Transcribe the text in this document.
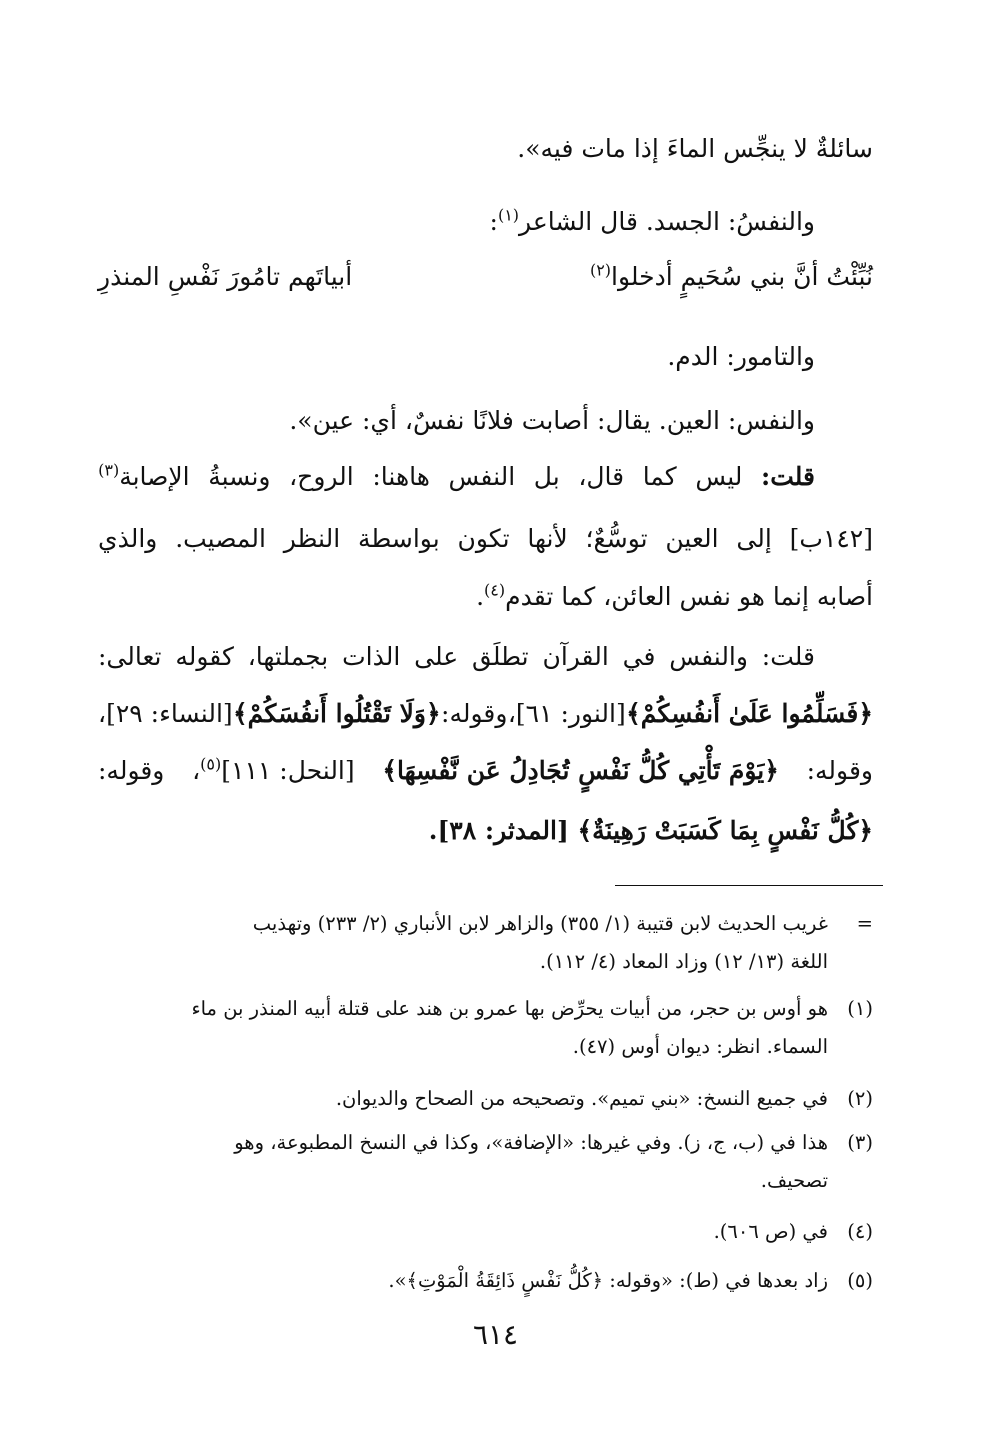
سائلةٌ لا ينجِّس الماءَ إذا مات فيه».
والنفسُ: الجسد. قال الشاعر$^{(١)}$:
والتامور: الدم.
والنفس: العين. يقال: أصابت فلانًا نفسٌ، أي: عين».
قلت:
ليس
كما
قال،
بل
النفس
هاهنا:
الروح،
ونسبةُ
الإصابة$^{(٣)}$
[١٤٢ب]
إلى
العين
توسُّعٌ؛
لأنها
تكون
بواسطة
النظر
المصيب.
والذي
أصابه إنما هو نفس العائن، كما تقدم$^{(٤)}$.
قلت:
والنفس
في
القرآن
تطلَق
على
الذات
بجملتها،
كقوله
تعالى:
﴿فَسَلِّمُوا عَلَىٰ أَنفُسِكُمْ﴾
[النور: ٦١]،
وقوله:
﴿وَلَا تَقْتُلُوا أَنفُسَكُمْ﴾
[النساء: ٢٩]،
وقوله:
﴿يَوْمَ تَأْتِي كُلُّ نَفْسٍ تُجَادِلُ عَن نَّفْسِهَا﴾
[النحل: ١١١]$^{(٥)}$،
وقوله:
﴿كُلُّ نَفْسٍ بِمَا كَسَبَتْ رَهِينَةٌ﴾ [المدثر: ٣٨].
نُبِّئْتُ أنَّ بني سُحَيمٍ أدخلوا$^{(٢)}$
أبياتَهم تامُورَ نَفْسِ المنذرِ
=
غريب الحديث لابن قتيبة (١/ ٣٥٥) والزاهر لابن الأنباري (٢/ ٢٣٣) وتهذيب
اللغة (١٣/ ١٢) وزاد المعاد (٤/ ١١٢).
(١)
هو أوس بن حجر، من أبيات يحرِّض بها عمرو بن هند على قتلة أبيه المنذر بن ماء
السماء. انظر: ديوان أوس (٤٧).
(٢)
في جميع النسخ: «بني تميم». وتصحيحه من الصحاح والديوان.
(٣)
هذا في (ب، ج، ز). وفي غيرها: «الإضافة»، وكذا في النسخ المطبوعة، وهو
تصحيف.
(٤)
في (ص ٦٠٦).
(٥)
زاد بعدها في (ط): «وقوله: ﴿كُلُّ نَفْسٍ ذَائِقَةُ الْمَوْتِ﴾».
٦١٤
